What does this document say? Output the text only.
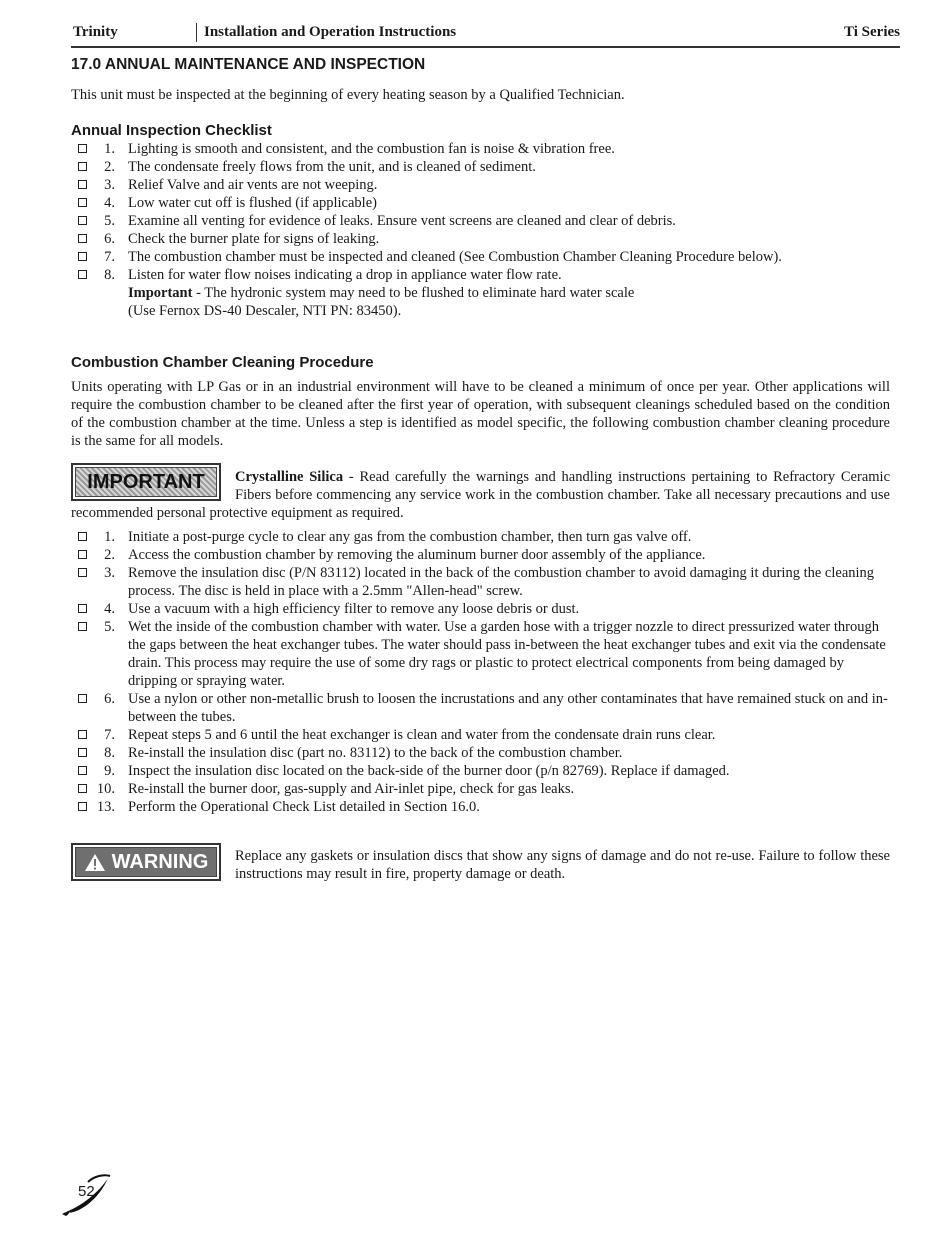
Trinity	Installation and Operation Instructions	Ti Series
17.0 ANNUAL MAINTENANCE AND INSPECTION

This unit must be inspected at the beginning of every heating season by a Qualified Technician.

Annual Inspection Checklist
1. Lighting is smooth and consistent, and the combustion fan is noise & vibration free.
2. The condensate freely flows from the unit, and is cleaned of sediment.
3. Relief Valve and air vents are not weeping.
4. Low water cut off is flushed (if applicable)
5. Examine all venting for evidence of leaks. Ensure vent screens are cleaned and clear of debris.
6. Check the burner plate for signs of leaking.
7. The combustion chamber must be inspected and cleaned (See Combustion Chamber Cleaning Procedure below).
8. Listen for water flow noises indicating a drop in appliance water flow rate.
Important - The hydronic system may need to be flushed to eliminate hard water scale
(Use Fernox DS-40 Descaler, NTI PN: 83450).
Combustion Chamber Cleaning Procedure

Units operating with LP Gas or in an industrial environment will have to be cleaned a minimum of once per year. Other applications will require the combustion chamber to be cleaned after the first year of operation, with subsequent cleanings scheduled based on the condition of the combustion chamber at the time. Unless a step is identified as model specific, the following combustion chamber cleaning procedure is the same for all models.

IMPORTANT	Crystalline Silica - Read carefully the warnings and handling instructions pertaining to Refractory Ceramic Fibers before commencing any service work in the combustion chamber. Take all necessary precautions and use recommended personal protective equipment as required.
1. Initiate a post-purge cycle to clear any gas from the combustion chamber, then turn gas valve off.
2. Access the combustion chamber by removing the aluminum burner door assembly of the appliance.
3. Remove the insulation disc (P/N 83112) located in the back of the combustion chamber to avoid damaging it during the cleaning process. The disc is held in place with a 2.5mm "Allen-head" screw.
4. Use a vacuum with a high efficiency filter to remove any loose debris or dust.
5. Wet the inside of the combustion chamber with water. Use a garden hose with a trigger nozzle to direct pressurized water through the gaps between the heat exchanger tubes. The water should pass in-between the heat exchanger tubes and exit via the condensate drain. This process may require the use of some dry rags or plastic to protect electrical components from being damaged by dripping or spraying water.
6. Use a nylon or other non-metallic brush to loosen the incrustations and any other contaminates that have remained stuck on and in-between the tubes.
7. Repeat steps 5 and 6 until the heat exchanger is clean and water from the condensate drain runs clear.
8. Re-install the insulation disc (part no. 83112) to the back of the combustion chamber.
9. Inspect the insulation disc located on the back-side of the burner door (p/n 82769). Replace if damaged.
10. Re-install the burner door, gas-supply and Air-inlet pipe, check for gas leaks.
13. Perform the Operational Check List detailed in Section 16.0.
WARNING Replace any gaskets or insulation discs that show any signs of damage and do not re-use. Failure to follow these instructions may result in fire, property damage or death.

52
